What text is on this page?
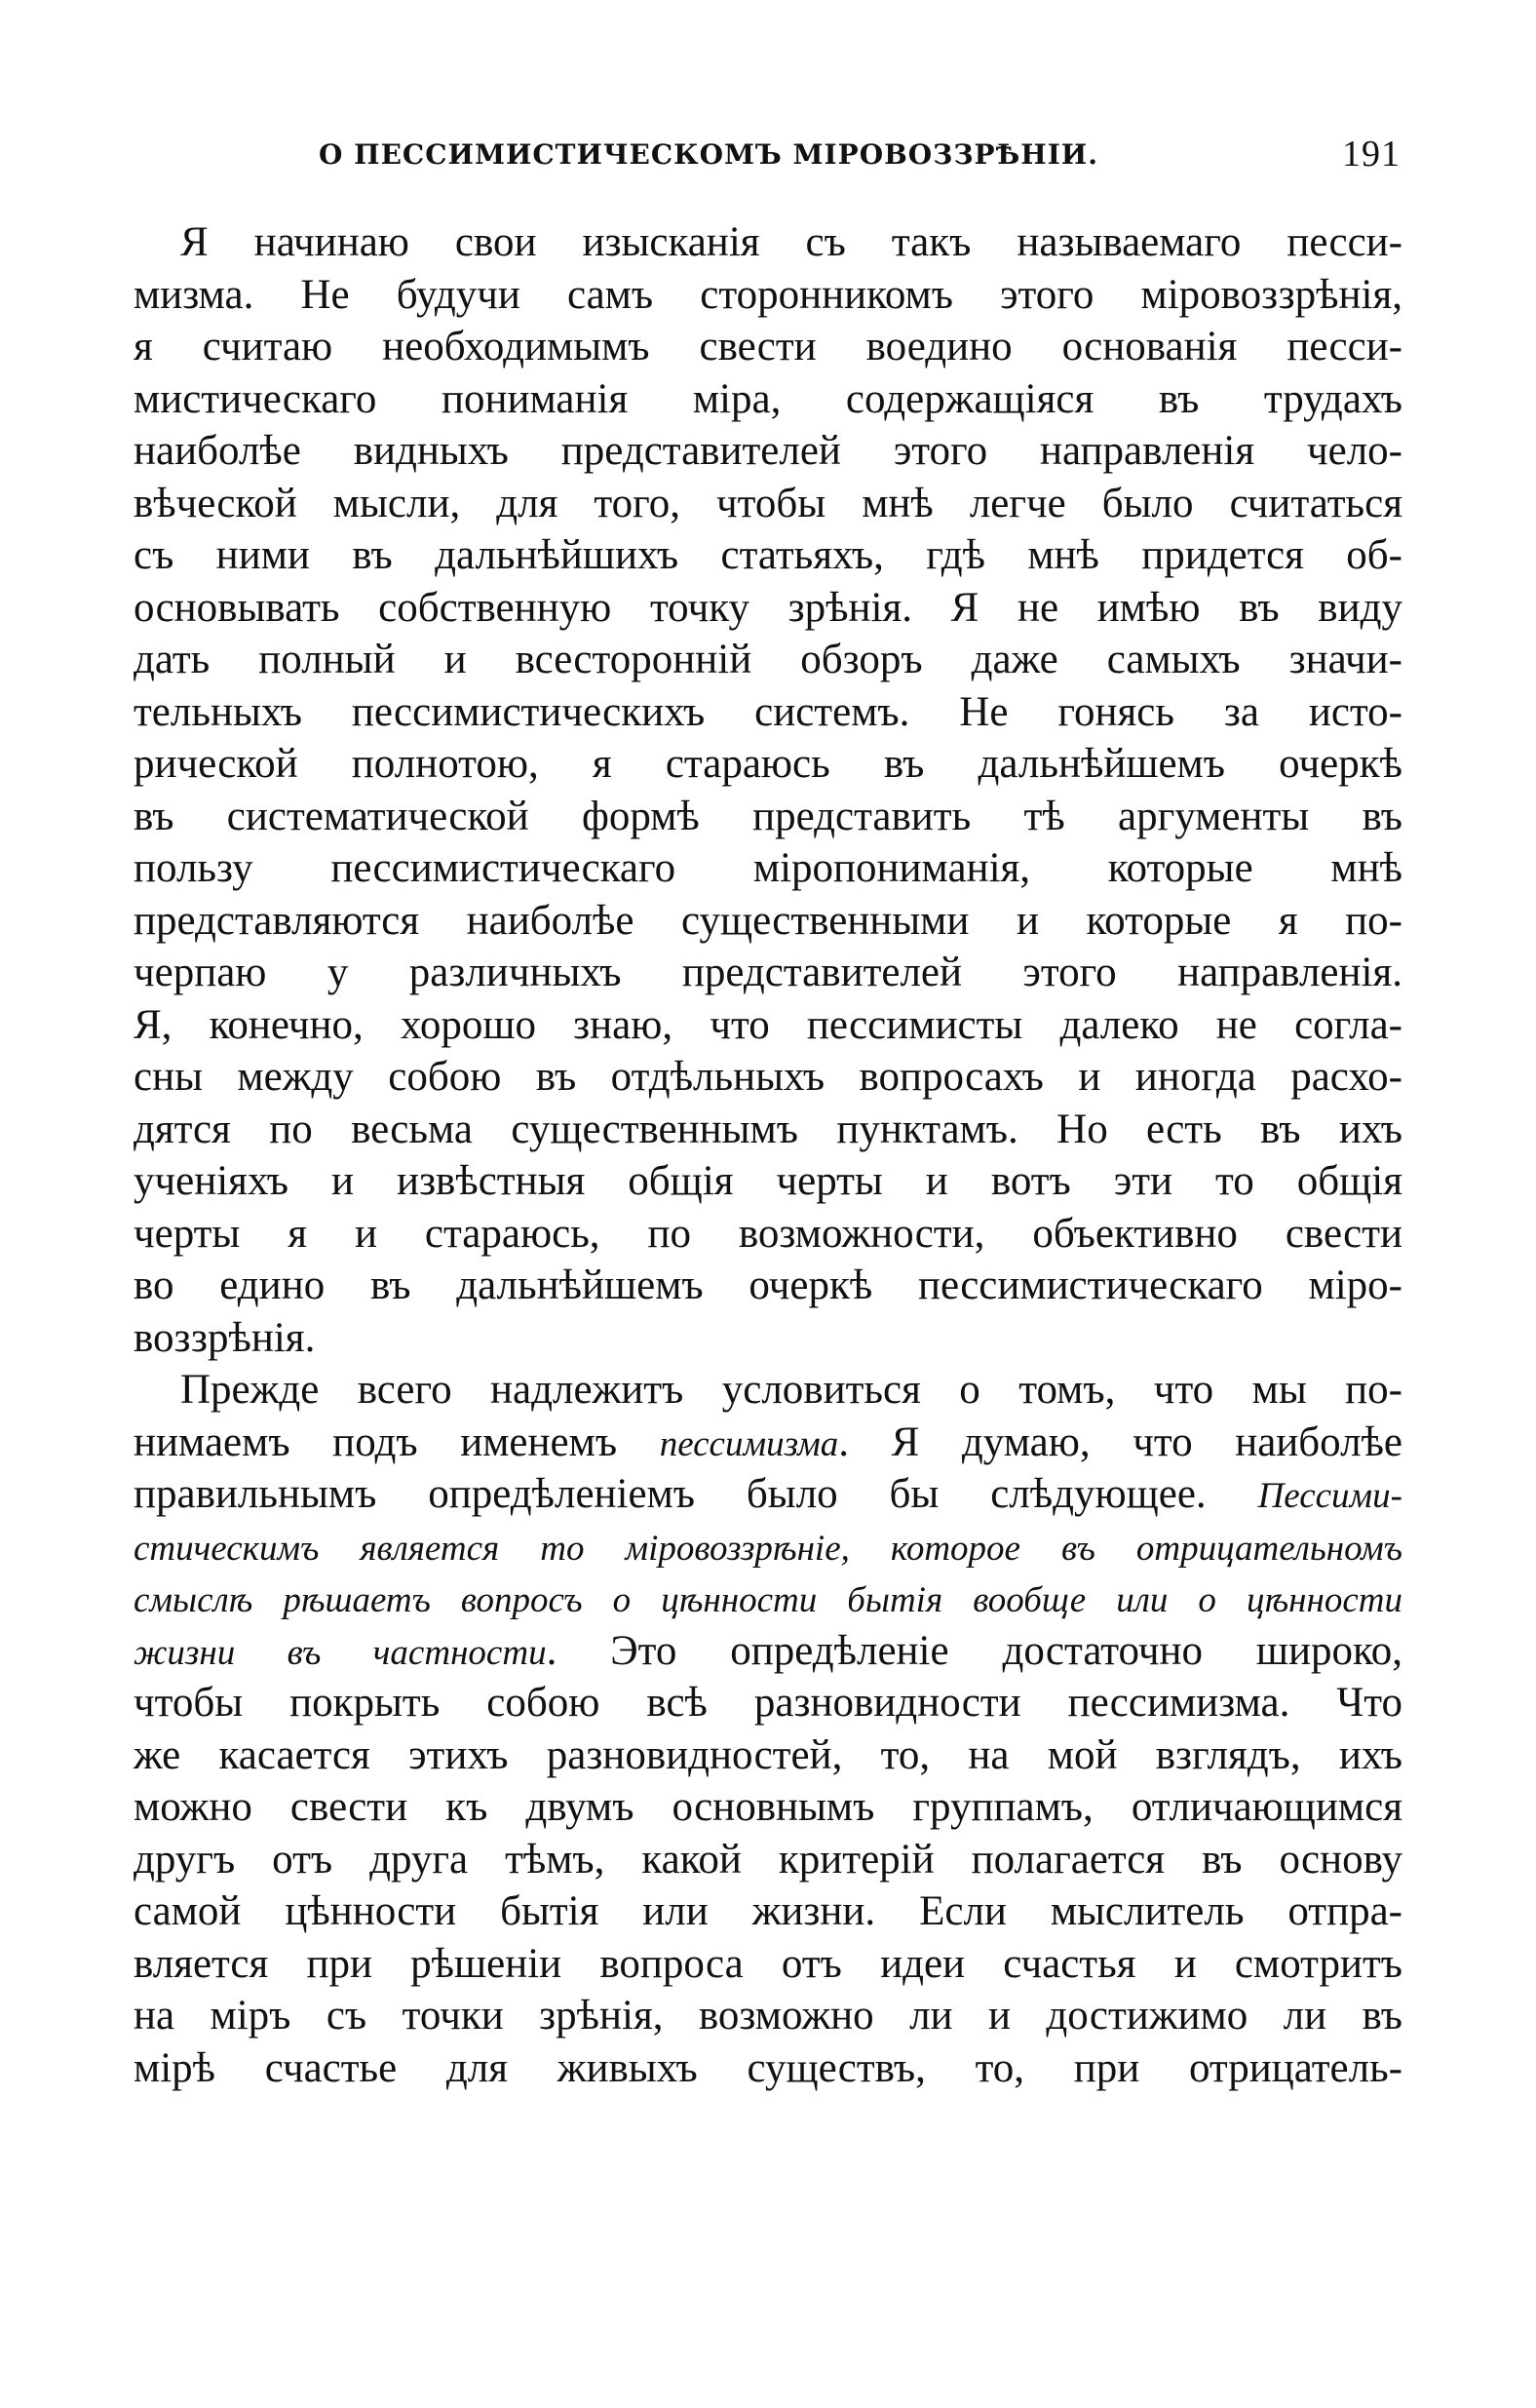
О ПЕССИМИСТИЧЕСКОМЪ МІРОВОЗЗРѢНІИ.	191
Я начинаю свои изысканія съ такъ называемаго песси-
мизма. Не будучи самъ сторонникомъ этого міровоззрѣнія,
я считаю необходимымъ свести воедино основанія песси-
мистическаго пониманія міра, содержащіяся въ трудахъ
наиболѣе видныхъ представителей этого направленія чело-
вѣческой мысли, для того, чтобы мнѣ легче было считаться
съ ними въ дальнѣйшихъ статьяхъ, гдѣ мнѣ придется об-
основывать собственную точку зрѣнія. Я не имѣю въ виду
дать полный и всесторонній обзоръ даже самыхъ значи-
тельныхъ пессимистическихъ системъ. Не гонясь за исто-
рической полнотою, я стараюсь въ дальнѣйшемъ очеркѣ
въ систематической формѣ представить тѣ аргументы въ
пользу пессимистическаго міропониманія, которые мнѣ
представляются наиболѣе существенными и которые я по-
черпаю у различныхъ представителей этого направленія.
Я, конечно, хорошо знаю, что пессимисты далеко не согла-
сны между собою въ отдѣльныхъ вопросахъ и иногда расхо-
дятся по весьма существеннымъ пунктамъ. Но есть въ ихъ
ученіяхъ и извѣстныя общія черты и вотъ эти то общія
черты я и стараюсь, по возможности, объективно свести
во едино въ дальнѣйшемъ очеркѣ пессимистическаго міро-
воззрѣнія.
Прежде всего надлежитъ условиться о томъ, что мы по-
нимаемъ подъ именемъ пессимизма. Я думаю, что наиболѣе
правильнымъ опредѣленіемъ было бы слѣдующее. Пессими-
стическимъ является то міровоззрѣніе, которое въ отрицательномъ
смыслѣ рѣшаетъ вопросъ о цѣнности бытія вообще или о цѣнности
жизни въ частности. Это опредѣленіе достаточно широко,
чтобы покрыть собою всѣ разновидности пессимизма. Что
же касается этихъ разновидностей, то, на мой взглядъ, ихъ
можно свести къ двумъ основнымъ группамъ, отличающимся
другъ отъ друга тѣмъ, какой критерій полагается въ основу
самой цѣнности бытія или жизни. Если мыслитель отпра-
вляется при рѣшеніи вопроса отъ идеи счастья и смотритъ
на міръ съ точки зрѣнія, возможно ли и достижимо ли въ
мірѣ счастье для живыхъ существъ, то, при отрицатель-
